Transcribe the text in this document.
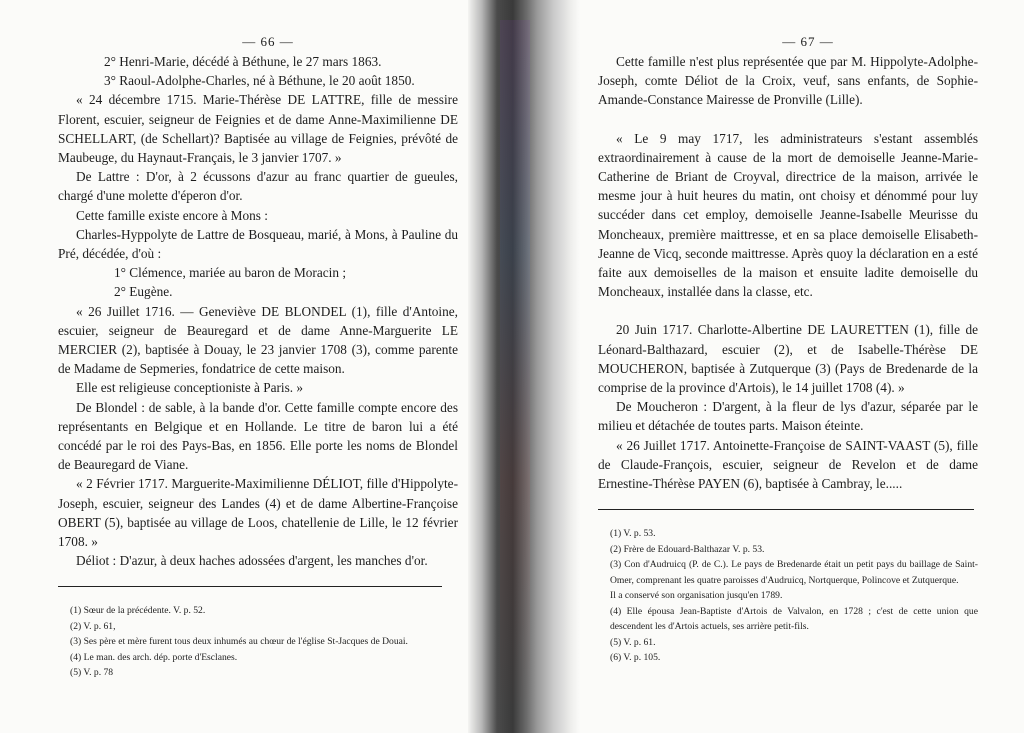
— 66 —

2° Henri-Marie, décédé à Béthune, le 27 mars 1863.

3° Raoul-Adolphe-Charles, né à Béthune, le 20 août 1850.

« 24 décembre 1715. Marie-Thérèse DE LATTRE, fille de messire Florent, escuier, seigneur de Feignies et de dame Anne-Maximilienne DE SCHELLART, (de Schellart)? Baptisée au village de Feignies, prévôté de Maubeuge, du Haynaut-Français, le 3 janvier 1707. »

De Lattre : D'or, à 2 écussons d'azur au franc quartier de gueules, chargé d'une molette d'éperon d'or.

Cette famille existe encore à Mons :

Charles-Hyppolyte de Lattre de Bosqueau, marié, à Mons, à Pauline du Pré, décédée, d'où :

1° Clémence, mariée au baron de Moracin ;

2° Eugène.

« 26 Juillet 1716. — Geneviève DE BLONDEL (1), fille d'Antoine, escuier, seigneur de Beauregard et de dame Anne-Marguerite LE MERCIER (2), baptisée à Douay, le 23 janvier 1708 (3), comme parente de Madame de Sepmeries, fondatrice de cette maison.

Elle est religieuse conceptioniste à Paris. »

De Blondel : de sable, à la bande d'or. Cette famille compte encore des représentants en Belgique et en Hollande. Le titre de baron lui a été concédé par le roi des Pays-Bas, en 1856. Elle porte les noms de Blondel de Beauregard de Viane.

« 2 Février 1717. Marguerite-Maximilienne DÉLIOT, fille d'Hippolyte-Joseph, escuier, seigneur des Landes (4) et de dame Albertine-Françoise OBERT (5), baptisée au village de Loos, chatellenie de Lille, le 12 février 1708. »

Déliot : D'azur, à deux haches adossées d'argent, les manches d'or.

(1) Sœur de la précédente. V. p. 52.

(2) V. p. 61,

(3) Ses père et mère furent tous deux inhumés au chœur de l'église St-Jacques de Douai.

(4) Le man. des arch. dép. porte d'Esclanes.

(5) V. p. 78

— 67 —

Cette famille n'est plus représentée que par M. Hippolyte-Adolphe-Joseph, comte Déliot de la Croix, veuf, sans enfants, de Sophie-Amande-Constance Mairesse de Pronville (Lille).

« Le 9 may 1717, les administrateurs s'estant assemblés extraordinairement à cause de la mort de demoiselle Jeanne-Marie-Catherine de Briant de Croyval, directrice de la maison, arrivée le mesme jour à huit heures du matin, ont choisy et dénommé pour luy succéder dans cet employ, demoiselle Jeanne-Isabelle Meurisse du Moncheaux, première maittresse, et en sa place demoiselle Elisabeth-Jeanne de Vicq, seconde maittresse. Après quoy la déclaration en a esté faite aux demoiselles de la maison et ensuite ladite demoiselle du Moncheaux, installée dans la classe, etc.

20 Juin 1717. Charlotte-Albertine DE LAURETTEN (1), fille de Léonard-Balthazard, escuier (2), et de Isabelle-Thérèse DE MOUCHERON, baptisée à Zutquerque (3) (Pays de Bredenarde de la comprise de la province d'Artois), le 14 juillet 1708 (4). »

De Moucheron : D'argent, à la fleur de lys d'azur, séparée par le milieu et détachée de toutes parts. Maison éteinte.

« 26 Juillet 1717. Antoinette-Françoise de SAINT-VAAST (5), fille de Claude-François, escuier, seigneur de Revelon et de dame Ernestine-Thérèse PAYEN (6), baptisée à Cambray, le.....

(1) V. p. 53.

(2) Frère de Edouard-Balthazar V. p. 53.

(3) Con d'Audruicq (P. de C.). Le pays de Bredenarde était un petit pays du baillage de Saint-Omer, comprenant les quatre paroisses d'Audruicq, Nortquerque, Polincove et Zutquerque.

Il a conservé son organisation jusqu'en 1789.

(4) Elle épousa Jean-Baptiste d'Artois de Valvalon, en 1728 ; c'est de cette union que descendent les d'Artois actuels, ses arrière petit-fils.

(5) V. p. 61.

(6) V. p. 105.
